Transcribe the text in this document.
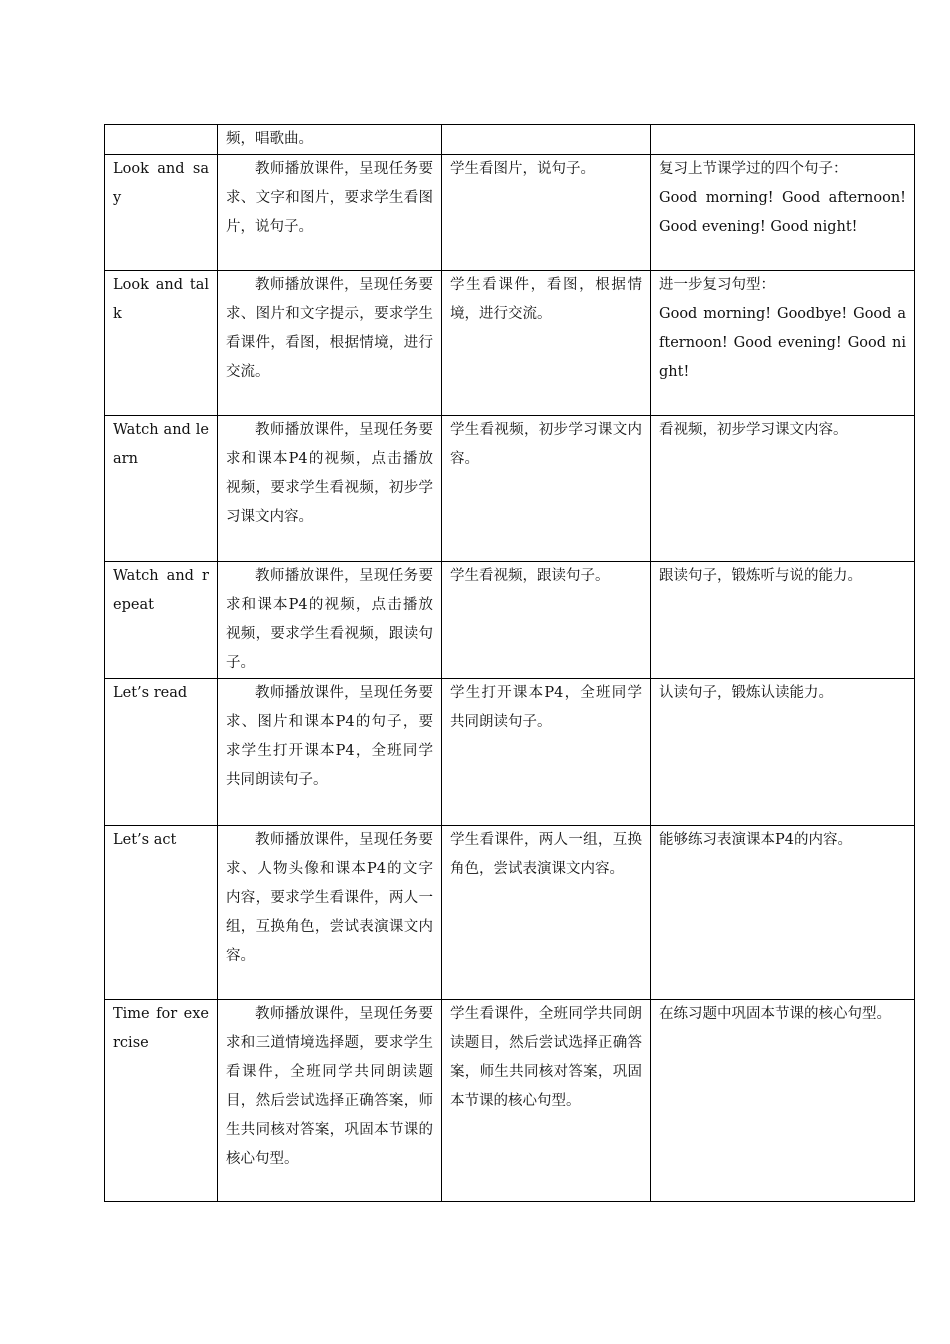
	频，唱歌曲。		

Look and say	教师播放课件，呈现任务要求、文字和图片，要求学生看图片，说句子。	学生看图片，说句子。	复习上节课学过的四个句子：
Good morning! Good afternoon! Good evening! Good night!

Look and talk	教师播放课件，呈现任务要求、图片和文字提示，要求学生看课件，看图，根据情境，进行交流。	学生看课件，看图，根据情境，进行交流。	进一步复习句型：
Good morning! Goodbye! Good afternoon! Good evening! Good night!

Watch and learn	教师播放课件，呈现任务要求和课本P4的视频，点击播放视频，要求学生看视频，初步学习课文内容。	学生看视频，初步学习课文内容。	看视频，初步学习课文内容。

Watch and repeat	教师播放课件，呈现任务要求和课本P4的视频，点击播放视频，要求学生看视频，跟读句子。	学生看视频，跟读句子。	跟读句子，锻炼听与说的能力。

Let’s read	教师播放课件，呈现任务要求、图片和课本P4的句子，要求学生打开课本P4，全班同学共同朗读句子。	学生打开课本P4，全班同学共同朗读句子。	认读句子，锻炼认读能力。

Let’s act	教师播放课件，呈现任务要求、人物头像和课本P4的文字内容，要求学生看课件，两人一组，互换角色，尝试表演课文内容。	学生看课件，两人一组，互换角色，尝试表演课文内容。	能够练习表演课本P4的内容。

Time for exercise	教师播放课件，呈现任务要求和三道情境选择题，要求学生看课件，全班同学共同朗读题目，然后尝试选择正确答案，师生共同核对答案，巩固本节课的核心句型。	学生看课件，全班同学共同朗读题目，然后尝试选择正确答案，师生共同核对答案，巩固本节课的核心句型。	在练习题中巩固本节课的核心句型。
